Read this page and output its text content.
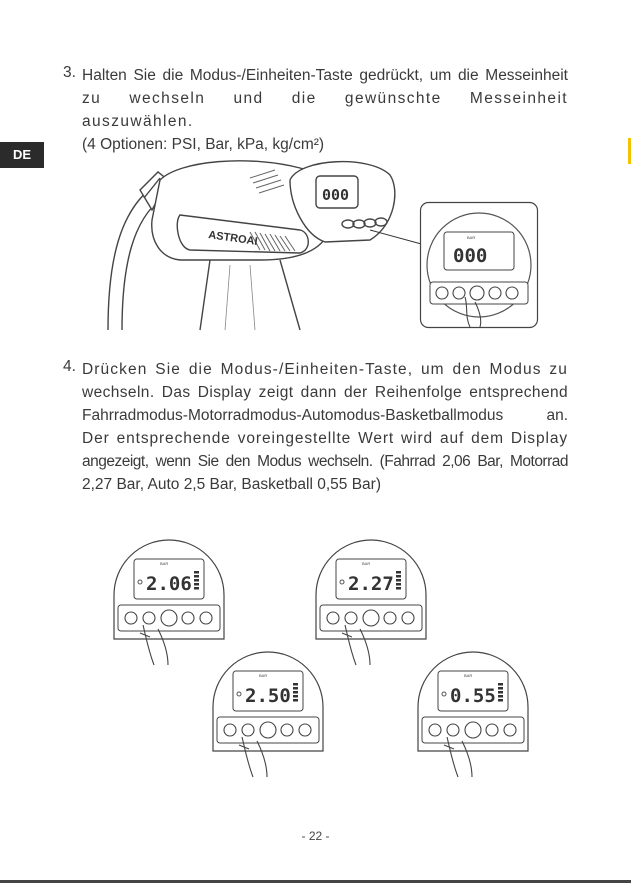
DE
3. Halten Sie die Modus-/Einheiten-Taste gedrückt, um die Messeinheit
zu wechseln und die gewünschte Messeinheit auszuwählen.
(4 Optionen: PSI, Bar, kPa, kg/cm²)
ASTROAI
000
BAR
000
4. Drücken Sie die Modus-/Einheiten-Taste, um den Modus zu
wechseln. Das Display zeigt dann der Reihenfolge entsprechend
Fahrradmodus-Motorradmodus-Automodus-Basketballmodus an.
Der entsprechende voreingestellte Wert wird auf dem Display
angezeigt, wenn Sie den Modus wechseln. (Fahrrad 2,06 Bar, Motorrad
2,27 Bar, Auto 2,5 Bar, Basketball 0,55 Bar)
BAR
2.06
BAR
2.27
BAR
2.50
BAR
0.55
- 22 -
